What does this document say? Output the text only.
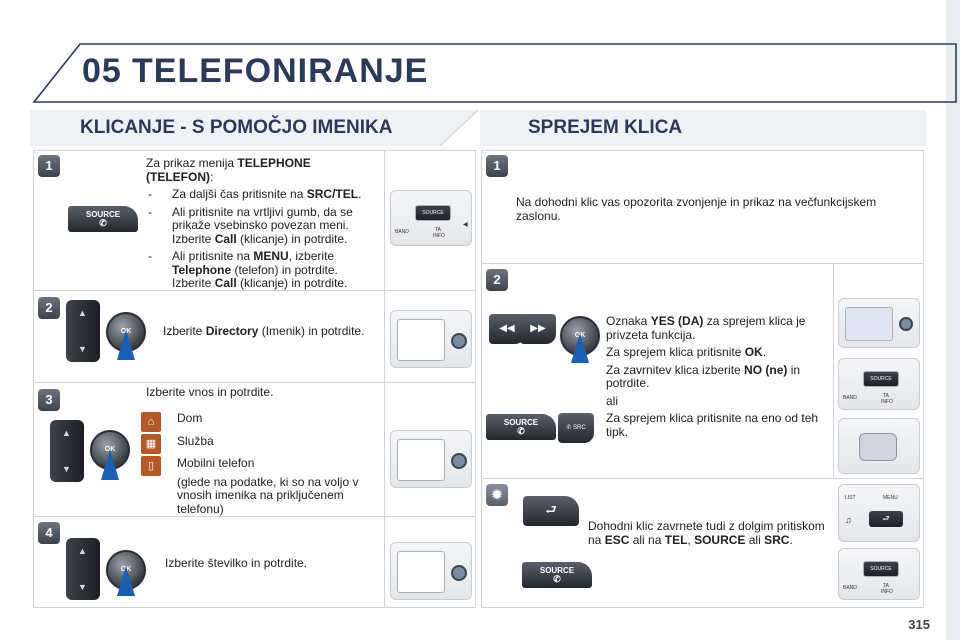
05 TELEFONIRANJE
KLICANJE - S POMOČJO IMENIKA	SPREJEM KLICA
1
SOURCE
✆
Za prikaz menija TELEPHONE (TELEFON):
-	Za daljši čas pritisnite na SRC/TEL.
-	Ali pritisnite na vrtljivi gumb, da se prikaže vsebinsko povezan meni. Izberite Call (klicanje) in potrdite.
-	Ali pritisnite na MENU, izberite Telephone (telefon) in potrdite. Izberite Call (klicanje) in potrdite.
SOURCE
BAND	TA
INFO
◀
2	▲
▼
OK	Izberite Directory (Imenik) in potrdite.
3	Izberite vnos in potrdite.
▲
▼
OK
⌂
▦
▯
Dom
Služba
Mobilni telefon
(glede na podatke, ki so na voljo v vnosih imenika na priključenem telefonu)
4
▲
▼
OK	Izberite številko in potrdite.
1
Na dohodni klic vas opozorita zvonjenje in prikaz na večfunkcijskem zaslonu.
2
◀◀	▶▶
OK
SOURCE
✆	✆ SRC
Oznaka YES (DA) za sprejem klica je privzeta funkcija.
Za sprejem klica pritisnite OK.
Za zavrnitev klica izberite NO (ne) in potrdite.
ali
Za sprejem klica pritisnite na eno od teh tipk.
SOURCE
BAND	TA
INFO
✹
⮐
SOURCE
✆
Dohodni klic zavrnete tudi z dolgim pritiskom na ESC ali na TEL, SOURCE ali SRC.
LIST	MENU
♫	⮐
SOURCE
BAND	TA
INFO
315
